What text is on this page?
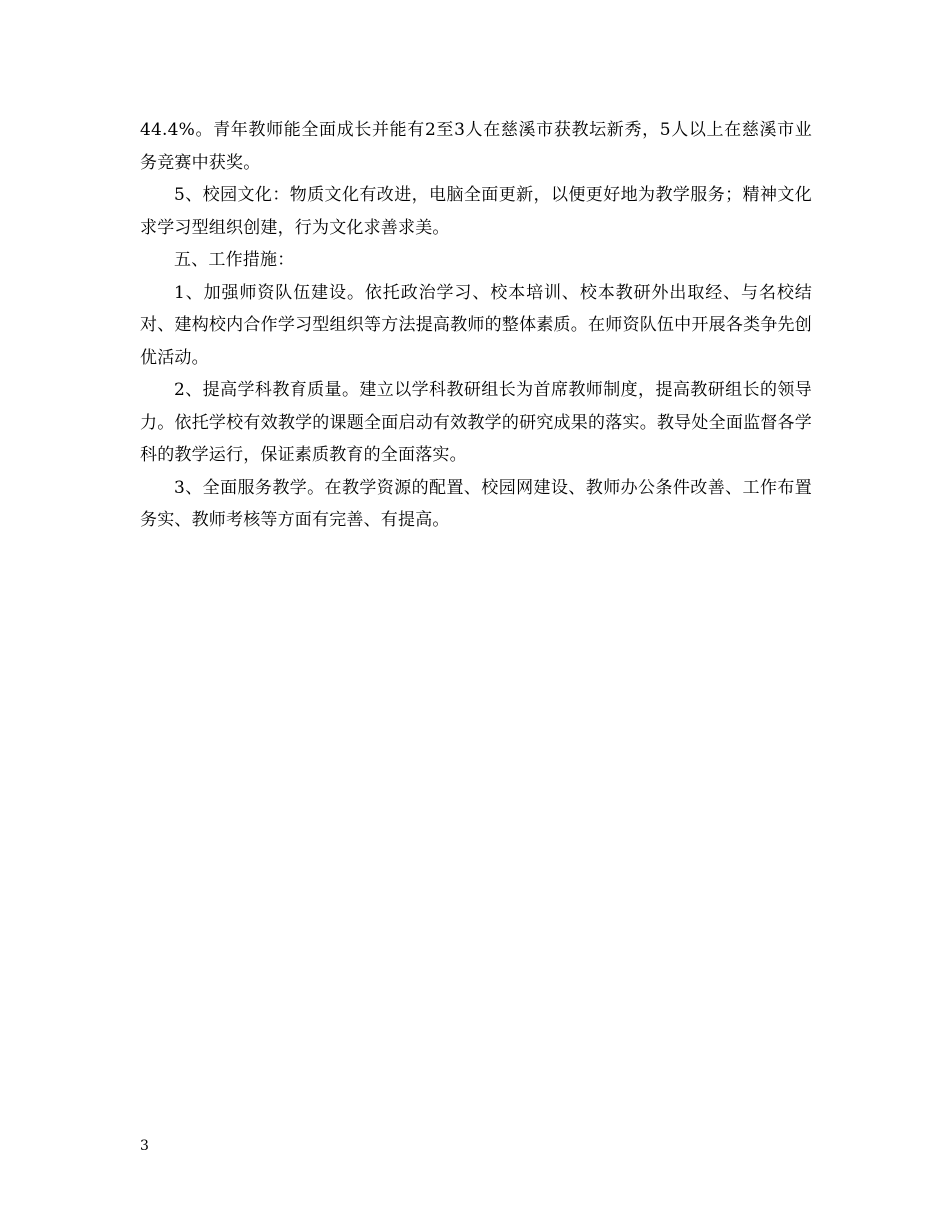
44.4%。青年教师能全面成长并能有2至3人在慈溪市获教坛新秀，5人以上在慈溪市业务竞赛中获奖。

5、校园文化：物质文化有改进，电脑全面更新，以便更好地为教学服务；精神文化求学习型组织创建，行为文化求善求美。

五、工作措施：

1、加强师资队伍建设。依托政治学习、校本培训、校本教研外出取经、与名校结对、建构校内合作学习型组织等方法提高教师的整体素质。在师资队伍中开展各类争先创优活动。

2、提高学科教育质量。建立以学科教研组长为首席教师制度，提高教研组长的领导力。依托学校有效教学的课题全面启动有效教学的研究成果的落实。教导处全面监督各学科的教学运行，保证素质教育的全面落实。

3、全面服务教学。在教学资源的配置、校园网建设、教师办公条件改善、工作布置务实、教师考核等方面有完善、有提高。

3
